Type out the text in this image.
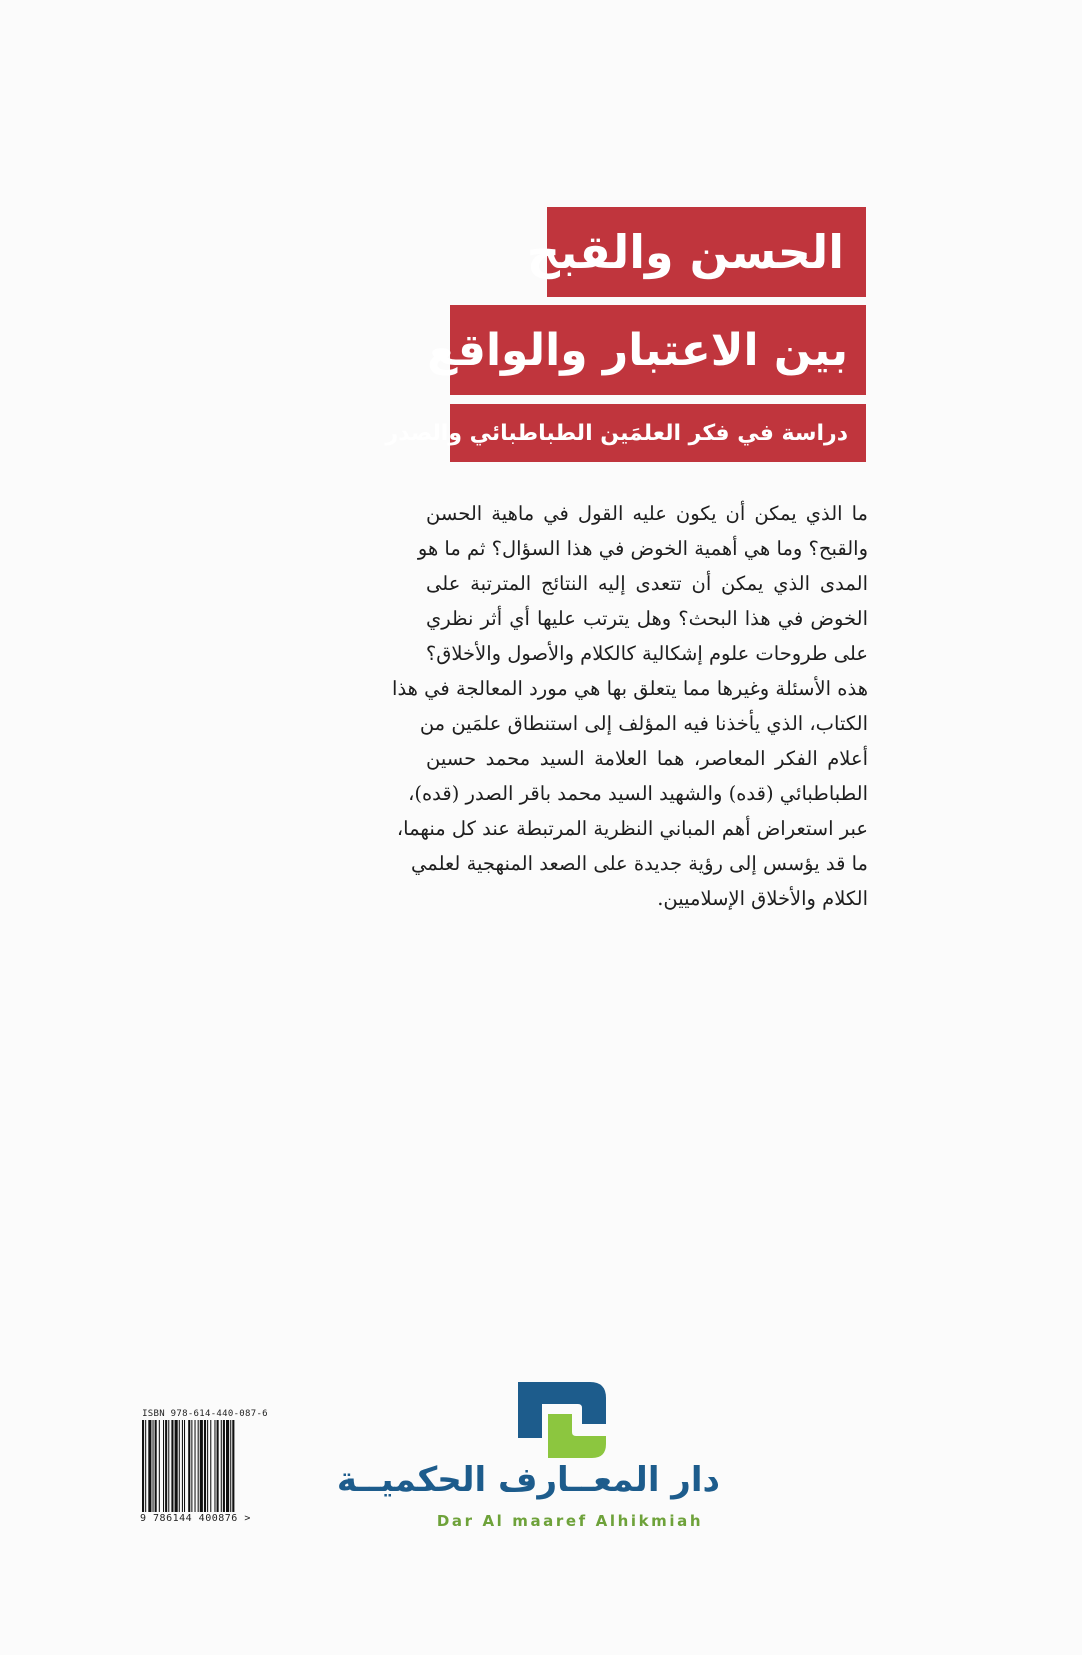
الحسن والقبح
بين الاعتبار والواقع
دراسة في فكر العلمَين الطباطبائي والصدر
ما الذي يمكن أن يكون عليه القول في ماهية الحسن
والقبح؟ وما هي أهمية الخوض في هذا السؤال؟ ثم ما هو
المدى الذي يمكن أن تتعدى إليه النتائج المترتبة على
الخوض في هذا البحث؟ وهل يترتب عليها أي أثر نظري
على طروحات علوم إشكالية كالكلام والأصول والأخلاق؟
هذه الأسئلة وغيرها مما يتعلق بها هي مورد المعالجة في هذا
الكتاب، الذي يأخذنا فيه المؤلف إلى استنطاق علمَين من
أعلام الفكر المعاصر، هما العلامة السيد محمد حسين
الطباطبائي (قده) والشهيد السيد محمد باقر الصدر (قده)،
عبر استعراض أهم المباني النظرية المرتبطة عند كل منهما،
ما قد يؤسس إلى رؤية جديدة على الصعد المنهجية لعلمي
الكلام والأخلاق الإسلاميين.
ISBN 978-614-440-087-6
9 786144 400876 >
دار المعــارف الحكميــة
Dar Al maaref Alhikmiah
